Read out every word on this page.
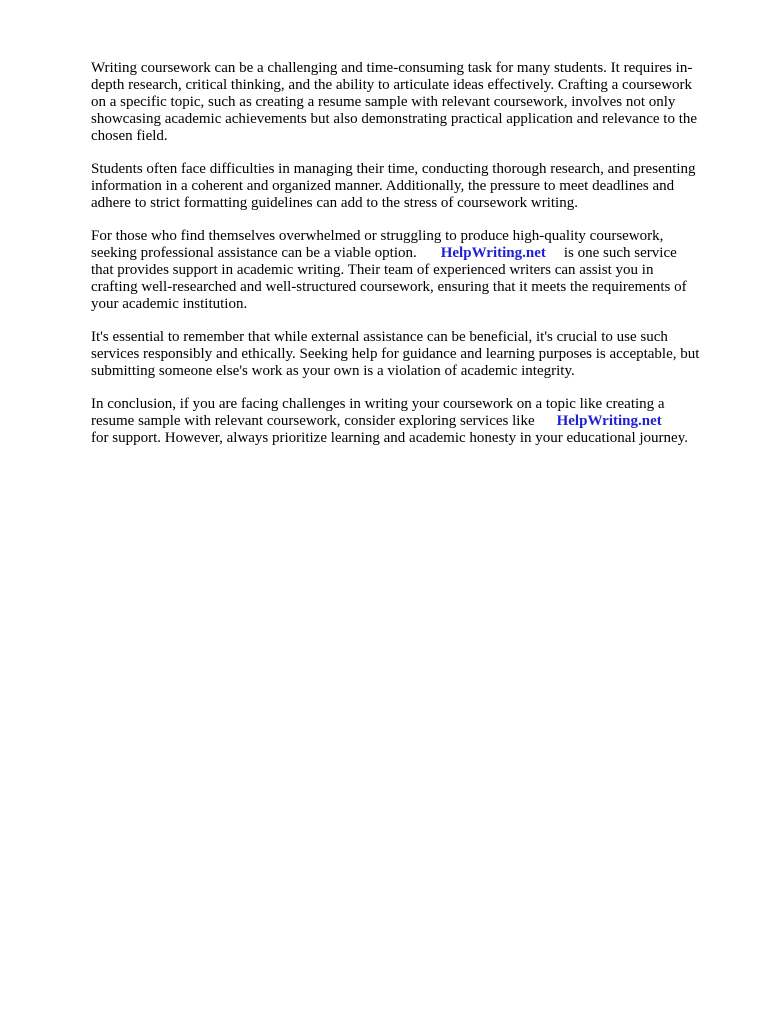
Writing coursework can be a challenging and time-consuming task for many students. It requires in-
depth research, critical thinking, and the ability to articulate ideas effectively. Crafting a coursework
on a specific topic, such as creating a resume sample with relevant coursework, involves not only
showcasing academic achievements but also demonstrating practical application and relevance to the
chosen field.

Students often face difficulties in managing their time, conducting thorough research, and presenting
information in a coherent and organized manner. Additionally, the pressure to meet deadlines and
adhere to strict formatting guidelines can add to the stress of coursework writing.

For those who find themselves overwhelmed or struggling to produce high-quality coursework,
seeking professional assistance can be a viable option. HelpWriting.net is one such service
that provides support in academic writing. Their team of experienced writers can assist you in
crafting well-researched and well-structured coursework, ensuring that it meets the requirements of
your academic institution.

It's essential to remember that while external assistance can be beneficial, it's crucial to use such
services responsibly and ethically. Seeking help for guidance and learning purposes is acceptable, but
submitting someone else's work as your own is a violation of academic integrity.

In conclusion, if you are facing challenges in writing your coursework on a topic like creating a
resume sample with relevant coursework, consider exploring services like HelpWriting.net
for support. However, always prioritize learning and academic honesty in your educational journey.
